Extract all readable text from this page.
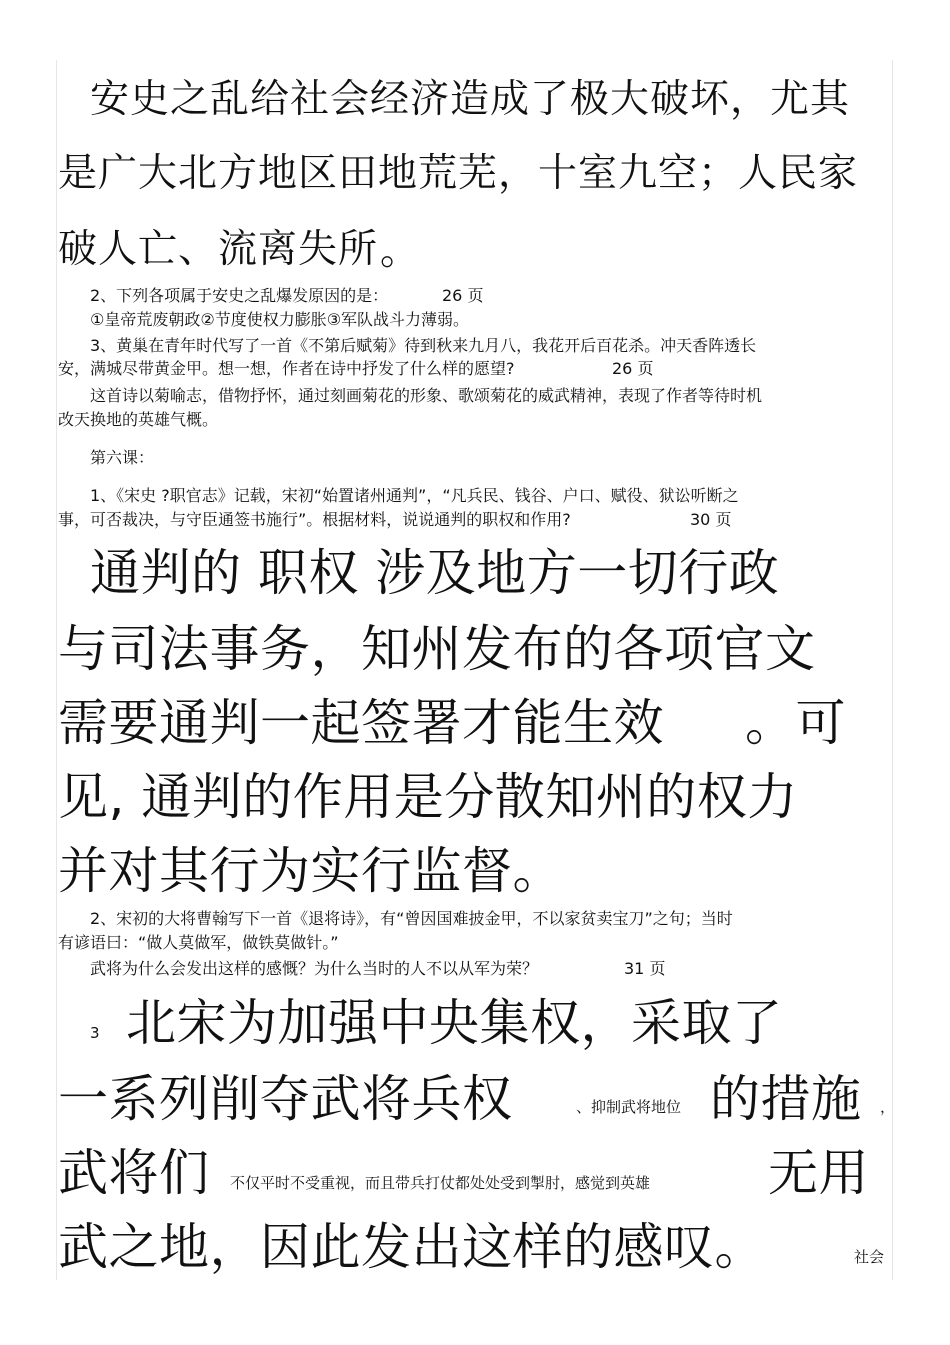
安史之乱给社会经济造成了极大破坏，尤其
是广大北方地区田地荒芜，十室九空；人民家
破人亡、流离失所 。
2、下列各项属于安史之乱爆发原因的是：	26 页
①皇帝荒废朝政②节度使权力膨胀③军队战斗力薄弱。
3、黄巢在青年时代写了一首《不第后赋菊》待到秋来九月八，我花开后百花杀。冲天香阵透长
安，满城尽带黄金甲。想一想，作者在诗中抒发了什么样的愿望?	26 页
这首诗以菊喻志，借物抒怀，通过刻画菊花的形象、歌颂菊花的威武精神，表现了作者等待时机
改天换地的英雄气概。
第六课：
1、《宋史 ?职官志》记载，宋初“始置诸州通判”，“凡兵民、钱谷、户口、赋役、狱讼听断之
事，可否裁决，与守臣通签书施行”。根据材料，说说通判的职权和作用?	30 页
通判的 职权 涉及地方一切行政
与司法事务，知州发布的各项官文
需要通判一起签署才能生效 。可
见, 通判的作用是分散知州的权力
并对其行为实行监督。
2、宋初的大将曹翰写下一首《退将诗》，有“曾因国难披金甲，不以家贫卖宝刀”之句；当时
有谚语曰：“做人莫做军，做铁莫做针。”
武将为什么会发出这样的感慨？为什么当时的人不以从军为荣？	31 页
3 北宋为加强中央集权，采取了
一系列削夺武将兵权	、抑制武将地位 的措施 ，
武将们 不仅平时不受重视，而且带兵打仗都处处受到掣肘，感觉到英雄 无用
武之地，因此发出这样的感叹。	社会
